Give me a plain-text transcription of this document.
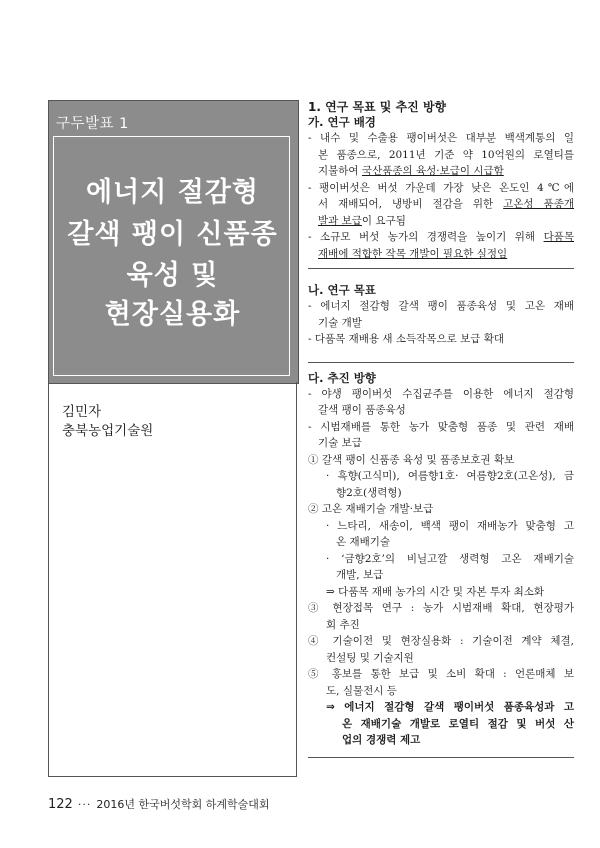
구두발표 1
에너지 절감형
갈색 팽이 신품종
육성 및
현장실용화
김민자
충북농업기술원

1. 연구 목표 및 추진 방향

가. 연구 배경

- 내수 및 수출용 팽이버섯은 대부분 백색계통의 일
본 품종으로, 2011년 기준 약 10억원의 로열티를
지불하여 국산품종의 육성·보급이 시급함
- 팽이버섯은 버섯 가운데 가장 낮은 온도인 4℃에
서 재배되어, 냉방비 절감을 위한 고온성 품종개
발과 보급이 요구됨
- 소규모 버섯 농가의 경쟁력을 높이기 위해 다품목
재배에 적합한 작목 개발이 필요한 실정임

나. 연구 목표

- 에너지 절감형 갈색 팽이 품종육성 및 고온 재배
기술 개발
- 다품목 재배용 새 소득작목으로 보급 확대

다. 추진 방향

- 야생 팽이버섯 수집균주를 이용한 에너지 절감형
갈색 팽이 품종육성
- 시범재배를 통한 농가 맞춤형 품종 및 관련 재배
기술 보급
① 갈색 팽이 신품종 육성 및 품종보호권 확보
· 흑향(고식미), 여름향1호· 여름향2호(고온성), 금
향2호(생력형)
② 고온 재배기술 개발·보급
· 느타리, 새송이, 백색 팽이 재배농가 맞춤형 고
온 재배기술
· ‘금향2호’의 비닐고깔 생력형 고온 재배기술
개발, 보급
⇒ 다품목 재배 농가의 시간 및 자본 투자 최소화
③ 현장접목 연구 : 농가 시범재배 확대, 현장평가
회 추진
④ 기술이전 및 현장실용화 : 기술이전 계약 체결,
컨설팅 및 기술지원
⑤ 홍보를 통한 보급 및 소비 확대 : 언론매체 보
도, 실물전시 등
⇒ 에너지 절감형 갈색 팽이버섯 품종육성과 고
온 재배기술 개발로 로열티 절감 및 버섯 산
업의 경쟁력 제고
122 ··· 2016년 한국버섯학회 하계학술대회
